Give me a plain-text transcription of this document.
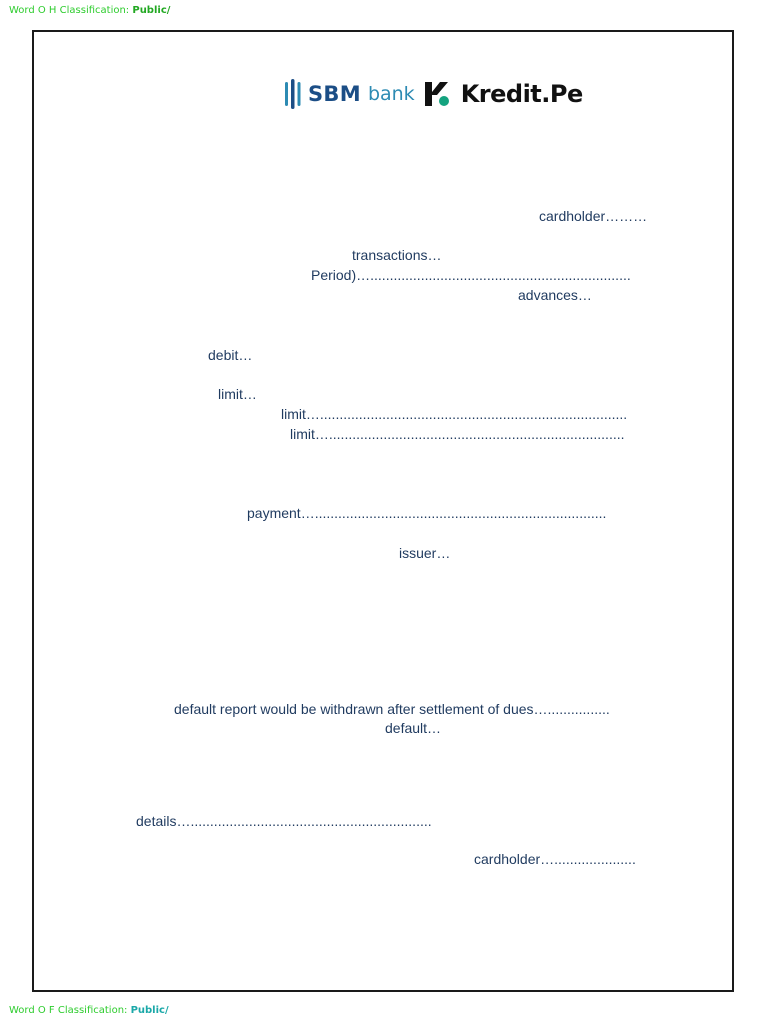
Word O H Classification: Public/
SBM bank Kredit.Pe
cardholder………
transactions…
Period)…...................................................................
advances…
debit…
limit…
limit…...............................................................................
limit…............................................................................
payment…...........................................................................
issuer…
default report would be withdrawn after settlement of dues…................
default…
details…..............................................................
cardholder….....................
Word O F Classification: Public/
